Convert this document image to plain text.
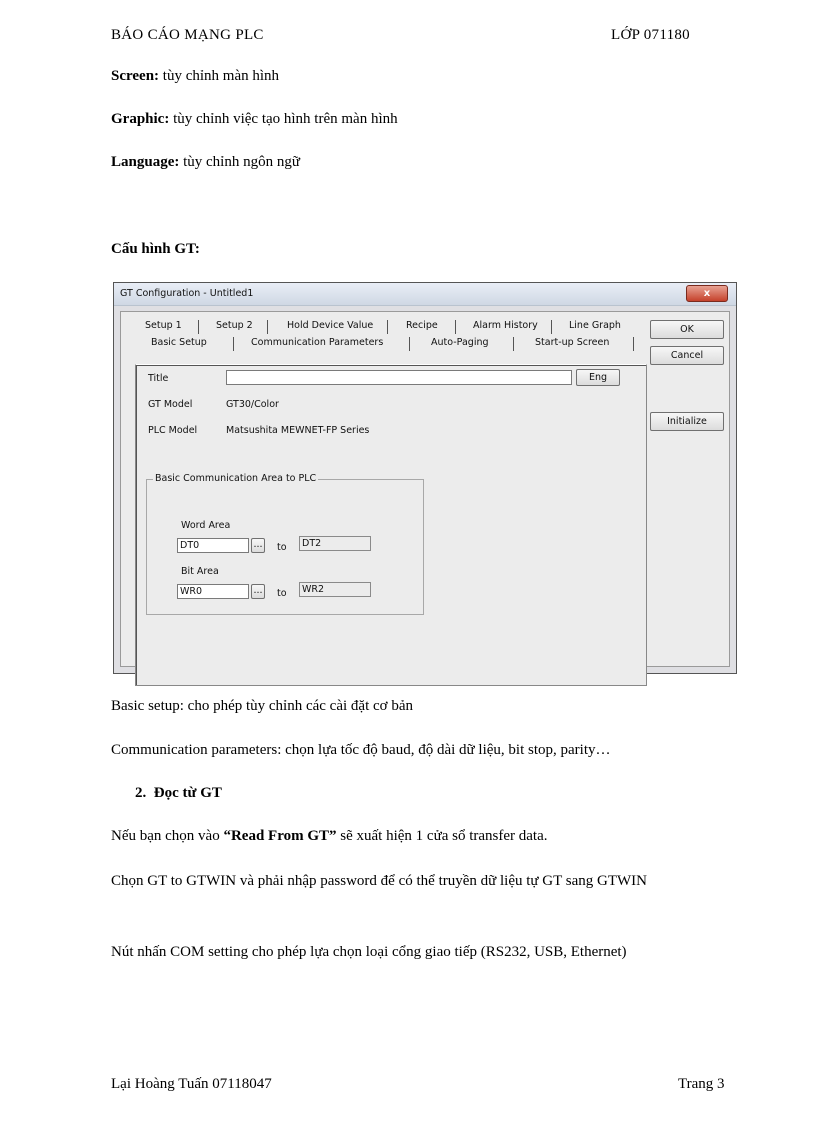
BÁO CÁO MẠNG PLC	LỚP 071180
Screen: tùy chỉnh màn hình
Graphic: tùy chỉnh việc tạo hình trên màn hình
Language: tùy chỉnh ngôn ngữ
Cấu hình GT:
GT Configuration - Untitled1	x
Setup 1	Setup 2	Hold Device Value	Recipe	Alarm History	Line Graph
Basic Setup	Communication Parameters	Auto-Paging	Start-up Screen
OK
Cancel
Initialize
Title	Eng
GT Model	GT30/Color
PLC Model	Matsushita MEWNET-FP Series
Basic Communication Area to PLC
Word Area
DT0	... to	DT2
Bit Area
WR0	... to	WR2
Basic setup: cho phép tùy chỉnh các cài đặt cơ bản
Communication parameters: chọn lựa tốc độ baud, độ dài dữ liệu, bit stop, parity…
2. Đọc từ GT
Nếu bạn chọn vào “Read From GT” sẽ xuất hiện 1 cửa sổ transfer data.
Chọn GT to GTWIN và phải nhập password để có thể truyền dữ liệu tự GT sang GTWIN
Nút nhấn COM setting cho phép lựa chọn loại cổng giao tiếp (RS232, USB, Ethernet)
Lại Hoàng Tuấn 07118047	Trang 3
